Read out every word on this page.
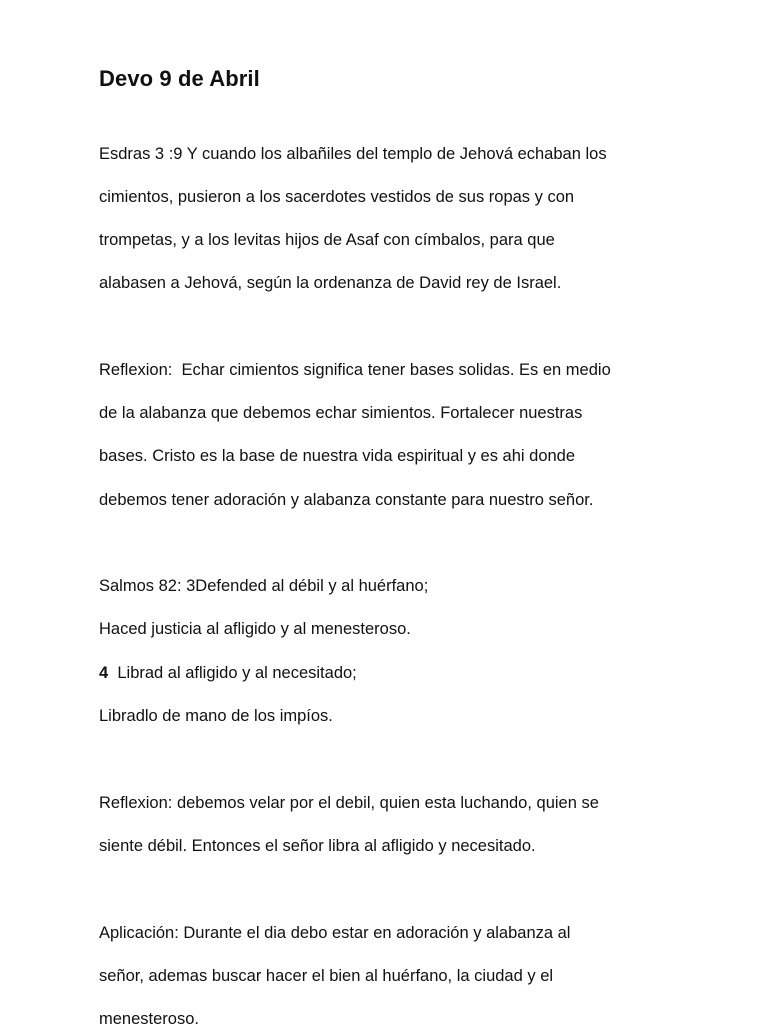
Devo 9 de Abril

Esdras 3 :9 Y cuando los albañiles del templo de Jehová echaban los

cimientos, pusieron a los sacerdotes vestidos de sus ropas y con

trompetas, y a los levitas hijos de Asaf con címbalos, para que

alabasen a Jehová, según la ordenanza de David rey de Israel.

Reflexion:  Echar cimientos significa tener bases solidas. Es en medio

de la alabanza que debemos echar simientos. Fortalecer nuestras

bases. Cristo es la base de nuestra vida espiritual y es ahi donde

debemos tener adoración y alabanza constante para nuestro señor.

Salmos 82: 3Defended al débil y al huérfano;

Haced justicia al afligido y al menesteroso.

4  Librad al afligido y al necesitado;

Libradlo de mano de los impíos.

Reflexion: debemos velar por el debil, quien esta luchando, quien se

siente débil. Entonces el señor libra al afligido y necesitado.

Aplicación: Durante el dia debo estar en adoración y alabanza al

señor, ademas buscar hacer el bien al huérfano, la ciudad y el

menesteroso.
